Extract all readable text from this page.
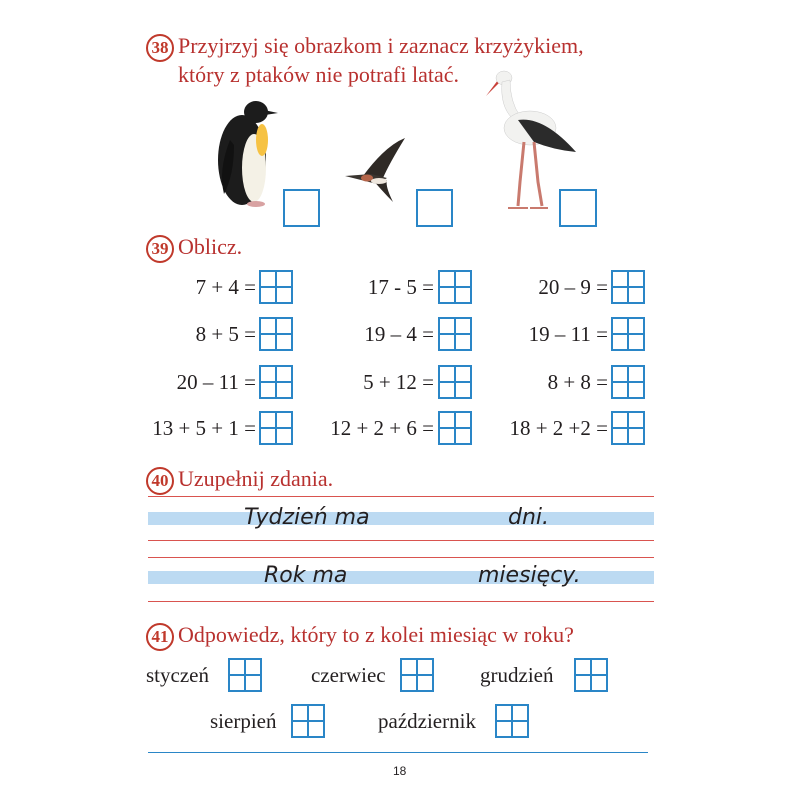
38 Przyjrzyj się obrazkom i zaznacz krzyżykiem,
który z ptaków nie potrafi latać.
39 Oblicz.
7 + 4 =	17 - 5 =	20 – 9 =
8 + 5 =	19 – 4 =	19 – 11 =
20 – 11 =	5 + 12 =	8 + 8 =
13 + 5 + 1 =	12 + 2 + 6 =	18 + 2 +2 =
40 Uzupełnij zdania.
Tydzień ma	dni.
Rok ma	miesięcy.
41 Odpowiedz, który to z kolei miesiąc w roku?
styczeń	czerwiec	grudzień
sierpień	październik
18
